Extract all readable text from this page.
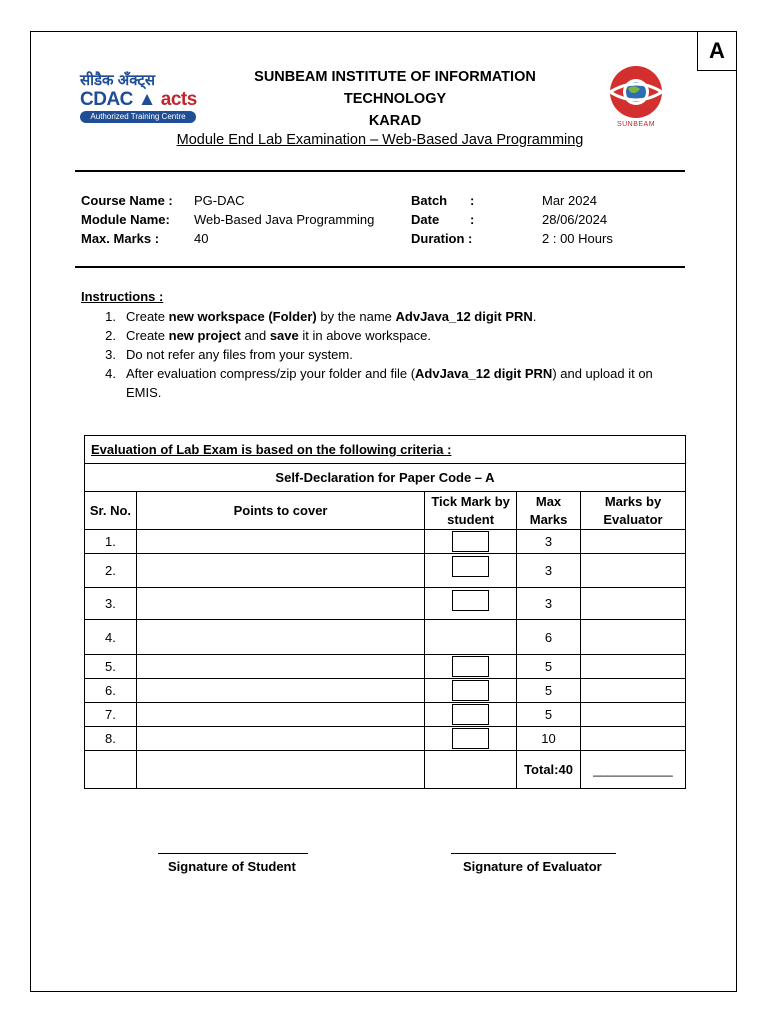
A
सीडैक अँक्ट्स
CDAC ▲ acts
Authorized Training Centre
SUNBEAM
SUNBEAM INSTITUTE OF INFORMATION
TECHNOLOGY
KARAD
Module End Lab Examination – Web-Based Java Programming
Course Name : PG-DAC
Module Name: Web-Based Java Programming
Max. Marks :	40
Batch :	Mar 2024
Date :	28/06/2024
Duration :	2 : 00 Hours
Instructions :
1. Create new workspace (Folder) by the name AdvJava_12 digit PRN.
2. Create new project and save it in above workspace.
3. Do not refer any files from your system.
4. After evaluation compress/zip your folder and file (AdvJava_12 digit PRN) and upload it on EMIS.
Evaluation of Lab Exam is based on the following criteria :				
Self-Declaration for Paper Code – A				
Sr. No.	Points to cover	Tick Mark by student	Max Marks	Marks by Evaluator
1.			3	
2.			3	
3.			3	
4.			6	
5.			5	
6.			5	
7.			5	
8.			10	
			Total:40	___________
Signature of Student	Signature of Evaluator
